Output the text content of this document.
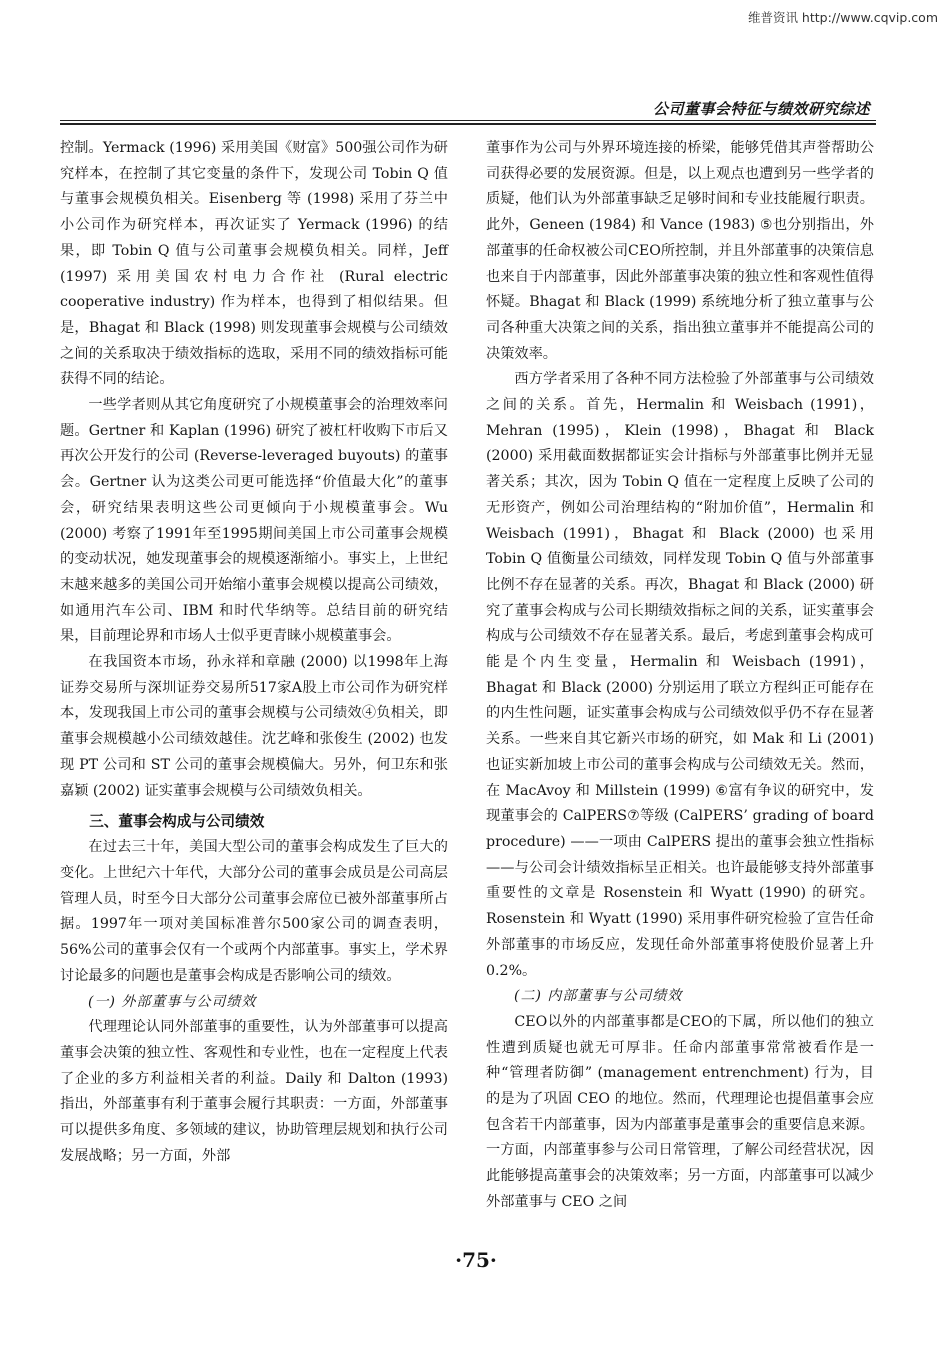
维普资讯 http://www.cqvip.com
公司董事会特征与绩效研究综述

控制。Yermack (1996) 采用美国《财富》500强公司作为研究样本，在控制了其它变量的条件下，发现公司 Tobin Q 值与董事会规模负相关。Eisenberg 等 (1998) 采用了芬兰中小公司作为研究样本，再次证实了 Yermack (1996) 的结果，即 Tobin Q 值与公司董事会规模负相关。同样，Jeff (1997) 采用美国农村电力合作社 (Rural electric cooperative industry) 作为样本，也得到了相似结果。但是，Bhagat 和 Black (1998) 则发现董事会规模与公司绩效之间的关系取决于绩效指标的选取，采用不同的绩效指标可能获得不同的结论。

一些学者则从其它角度研究了小规模董事会的治理效率问题。Gertner 和 Kaplan (1996) 研究了被杠杆收购下市后又再次公开发行的公司 (Reverse-leveraged buyouts) 的董事会。Gertner 认为这类公司更可能选择“价值最大化”的董事会，研究结果表明这些公司更倾向于小规模董事会。Wu (2000) 考察了1991年至1995期间美国上市公司董事会规模的变动状况，她发现董事会的规模逐渐缩小。事实上，上世纪末越来越多的美国公司开始缩小董事会规模以提高公司绩效，如通用汽车公司、IBM 和时代华纳等。总结目前的研究结果，目前理论界和市场人士似乎更青睐小规模董事会。

在我国资本市场，孙永祥和章融 (2000) 以1998年上海证券交易所与深圳证券交易所517家A股上市公司作为研究样本，发现我国上市公司的董事会规模与公司绩效④负相关，即董事会规模越小公司绩效越佳。沈艺峰和张俊生 (2002) 也发现 PT 公司和 ST 公司的董事会规模偏大。另外，何卫东和张嘉颖 (2002) 证实董事会规模与公司绩效负相关。

三、董事会构成与公司绩效

在过去三十年，美国大型公司的董事会构成发生了巨大的变化。上世纪六十年代，大部分公司的董事会成员是公司高层管理人员，时至今日大部分公司董事会席位已被外部董事所占据。1997年一项对美国标准普尔500家公司的调查表明，56%公司的董事会仅有一个或两个内部董事。事实上，学术界讨论最多的问题也是董事会构成是否影响公司的绩效。

(一) 外部董事与公司绩效

代理理论认同外部董事的重要性，认为外部董事可以提高董事会决策的独立性、客观性和专业性，也在一定程度上代表了企业的多方利益相关者的利益。Daily 和 Dalton (1993) 指出，外部董事有利于董事会履行其职责：一方面，外部董事可以提供多角度、多领域的建议，协助管理层规划和执行公司发展战略；另一方面，外部

董事作为公司与外界环境连接的桥梁，能够凭借其声誉帮助公司获得必要的发展资源。但是，以上观点也遭到另一些学者的质疑，他们认为外部董事缺乏足够时间和专业技能履行职责。此外，Geneen (1984) 和 Vance (1983) ⑤也分别指出，外部董事的任命权被公司CEO所控制，并且外部董事的决策信息也来自于内部董事，因此外部董事决策的独立性和客观性值得怀疑。Bhagat 和 Black (1999) 系统地分析了独立董事与公司各种重大决策之间的关系，指出独立董事并不能提高公司的决策效率。

西方学者采用了各种不同方法检验了外部董事与公司绩效之间的关系。首先，Hermalin 和 Weisbach (1991)，Mehran (1995)，Klein (1998)，Bhagat 和 Black (2000) 采用截面数据都证实会计指标与外部董事比例并无显著关系；其次，因为 Tobin Q 值在一定程度上反映了公司的无形资产，例如公司治理结构的“附加价值”，Hermalin 和 Weisbach (1991)，Bhagat 和 Black (2000) 也采用 Tobin Q 值衡量公司绩效，同样发现 Tobin Q 值与外部董事比例不存在显著的关系。再次，Bhagat 和 Black (2000) 研究了董事会构成与公司长期绩效指标之间的关系，证实董事会构成与公司绩效不存在显著关系。最后，考虑到董事会构成可能是个内生变量，Hermalin 和 Weisbach (1991)，Bhagat 和 Black (2000) 分别运用了联立方程纠正可能存在的内生性问题，证实董事会构成与公司绩效似乎仍不存在显著关系。一些来自其它新兴市场的研究，如 Mak 和 Li (2001) 也证实新加坡上市公司的董事会构成与公司绩效无关。然而，在 MacAvoy 和 Millstein (1999) ⑥富有争议的研究中，发现董事会的 CalPERS⑦等级 (CalPERS’ grading of board procedure) ——一项由 CalPERS 提出的董事会独立性指标——与公司会计绩效指标呈正相关。也许最能够支持外部董事重要性的文章是 Rosenstein 和 Wyatt (1990) 的研究。Rosenstein 和 Wyatt (1990) 采用事件研究检验了宣告任命外部董事的市场反应，发现任命外部董事将使股价显著上升0.2%。

(二) 内部董事与公司绩效

CEO以外的内部董事都是CEO的下属，所以他们的独立性遭到质疑也就无可厚非。任命内部董事常常被看作是一种“管理者防御” (management entrenchment) 行为，目的是为了巩固 CEO 的地位。然而，代理理论也提倡董事会应包含若干内部董事，因为内部董事是董事会的重要信息来源。一方面，内部董事参与公司日常管理，了解公司经营状况，因此能够提高董事会的决策效率；另一方面，内部董事可以减少外部董事与 CEO 之间

·75·
